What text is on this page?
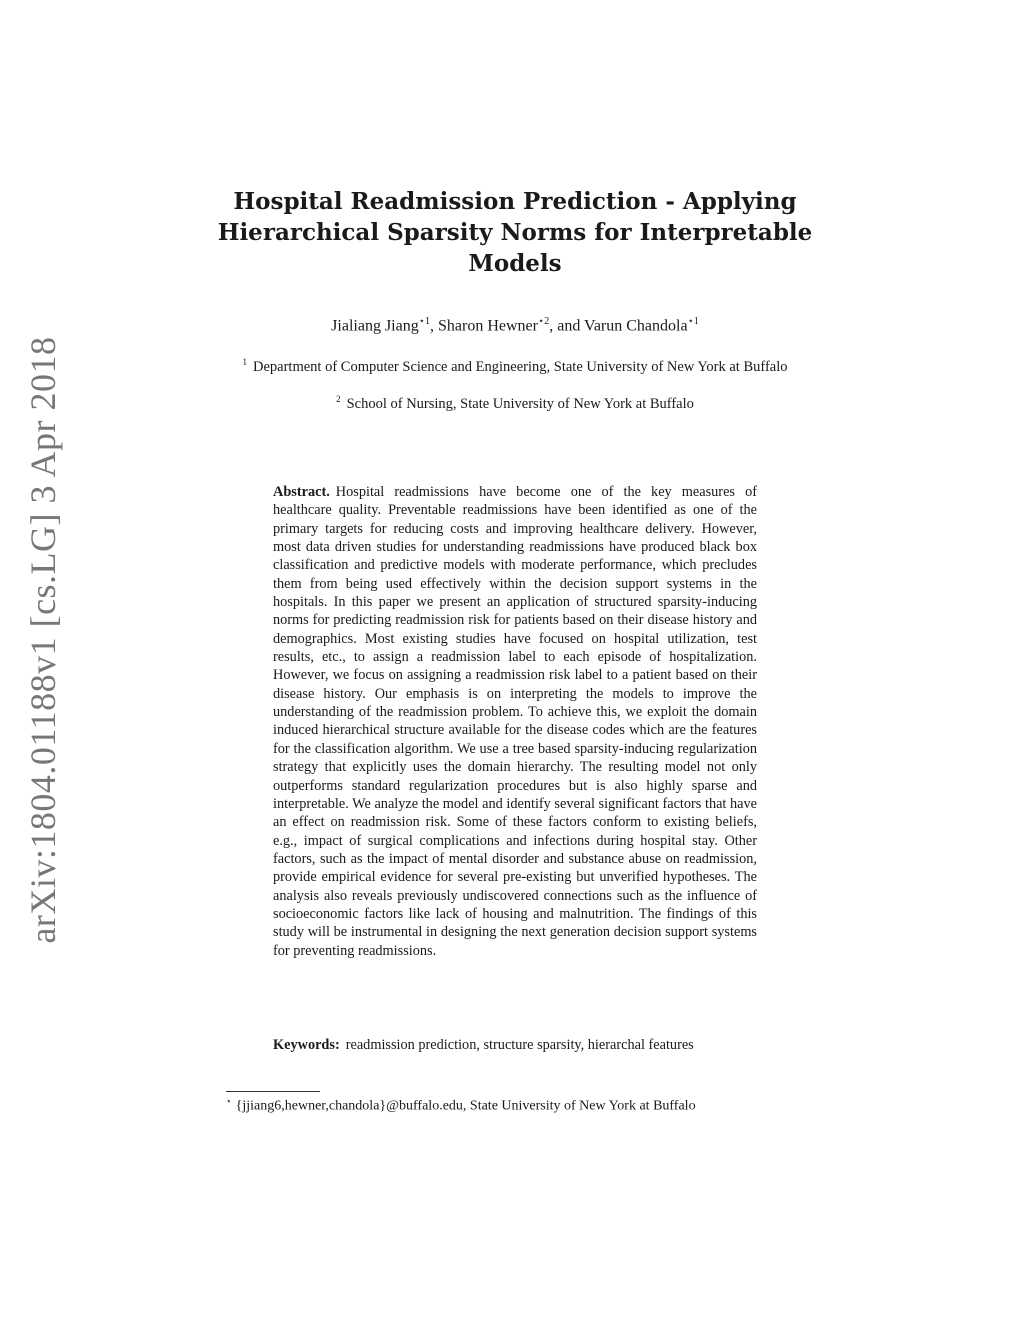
arXiv:1804.01188v1 [cs.LG] 3 Apr 2018
Hospital Readmission Prediction - Applying
Hierarchical Sparsity Norms for Interpretable
Models
Jialiang Jiang$^{⋆1}$, Sharon Hewner$^{⋆2}$, and Varun Chandola$^{⋆1}$
$^1$ Department of Computer Science and Engineering, State University of New York at Buffalo
$^2$ School of Nursing, State University of New York at Buffalo
Abstract. Hospital readmissions have become one of the key measures of healthcare quality. Preventable readmissions have been identified as one of the primary targets for reducing costs and improving healthcare delivery. However, most data driven studies for understanding readmissions have produced black box classification and predictive models with moderate performance, which precludes them from being used effectively within the decision support systems in the hospitals. In this paper we present an application of structured sparsity-inducing norms for predicting readmission risk for patients based on their disease history and demographics. Most existing studies have focused on hospital utilization, test results, etc., to assign a readmission label to each episode of hospitalization. However, we focus on assigning a readmission risk label to a patient based on their disease history. Our emphasis is on interpreting the models to improve the understanding of the readmission problem. To achieve this, we exploit the domain induced hierarchical structure available for the disease codes which are the features for the classification algorithm. We use a tree based sparsity-inducing regularization strategy that explicitly uses the domain hierarchy. The resulting model not only outperforms standard regularization procedures but is also highly sparse and interpretable. We analyze the model and identify several significant factors that have an effect on readmission risk. Some of these factors conform to existing beliefs, e.g., impact of surgical complications and infections during hospital stay. Other factors, such as the impact of mental disorder and substance abuse on readmission, provide empirical evidence for several pre-existing but unverified hypotheses. The analysis also reveals previously undiscovered connections such as the influence of socioeconomic factors like lack of housing and malnutrition. The findings of this study will be instrumental in designing the next generation decision support systems for preventing readmissions.
Keywords: readmission prediction, structure sparsity, hierarchal features
⋆ {jjiang6,hewner,chandola}@buffalo.edu, State University of New York at Buffalo
